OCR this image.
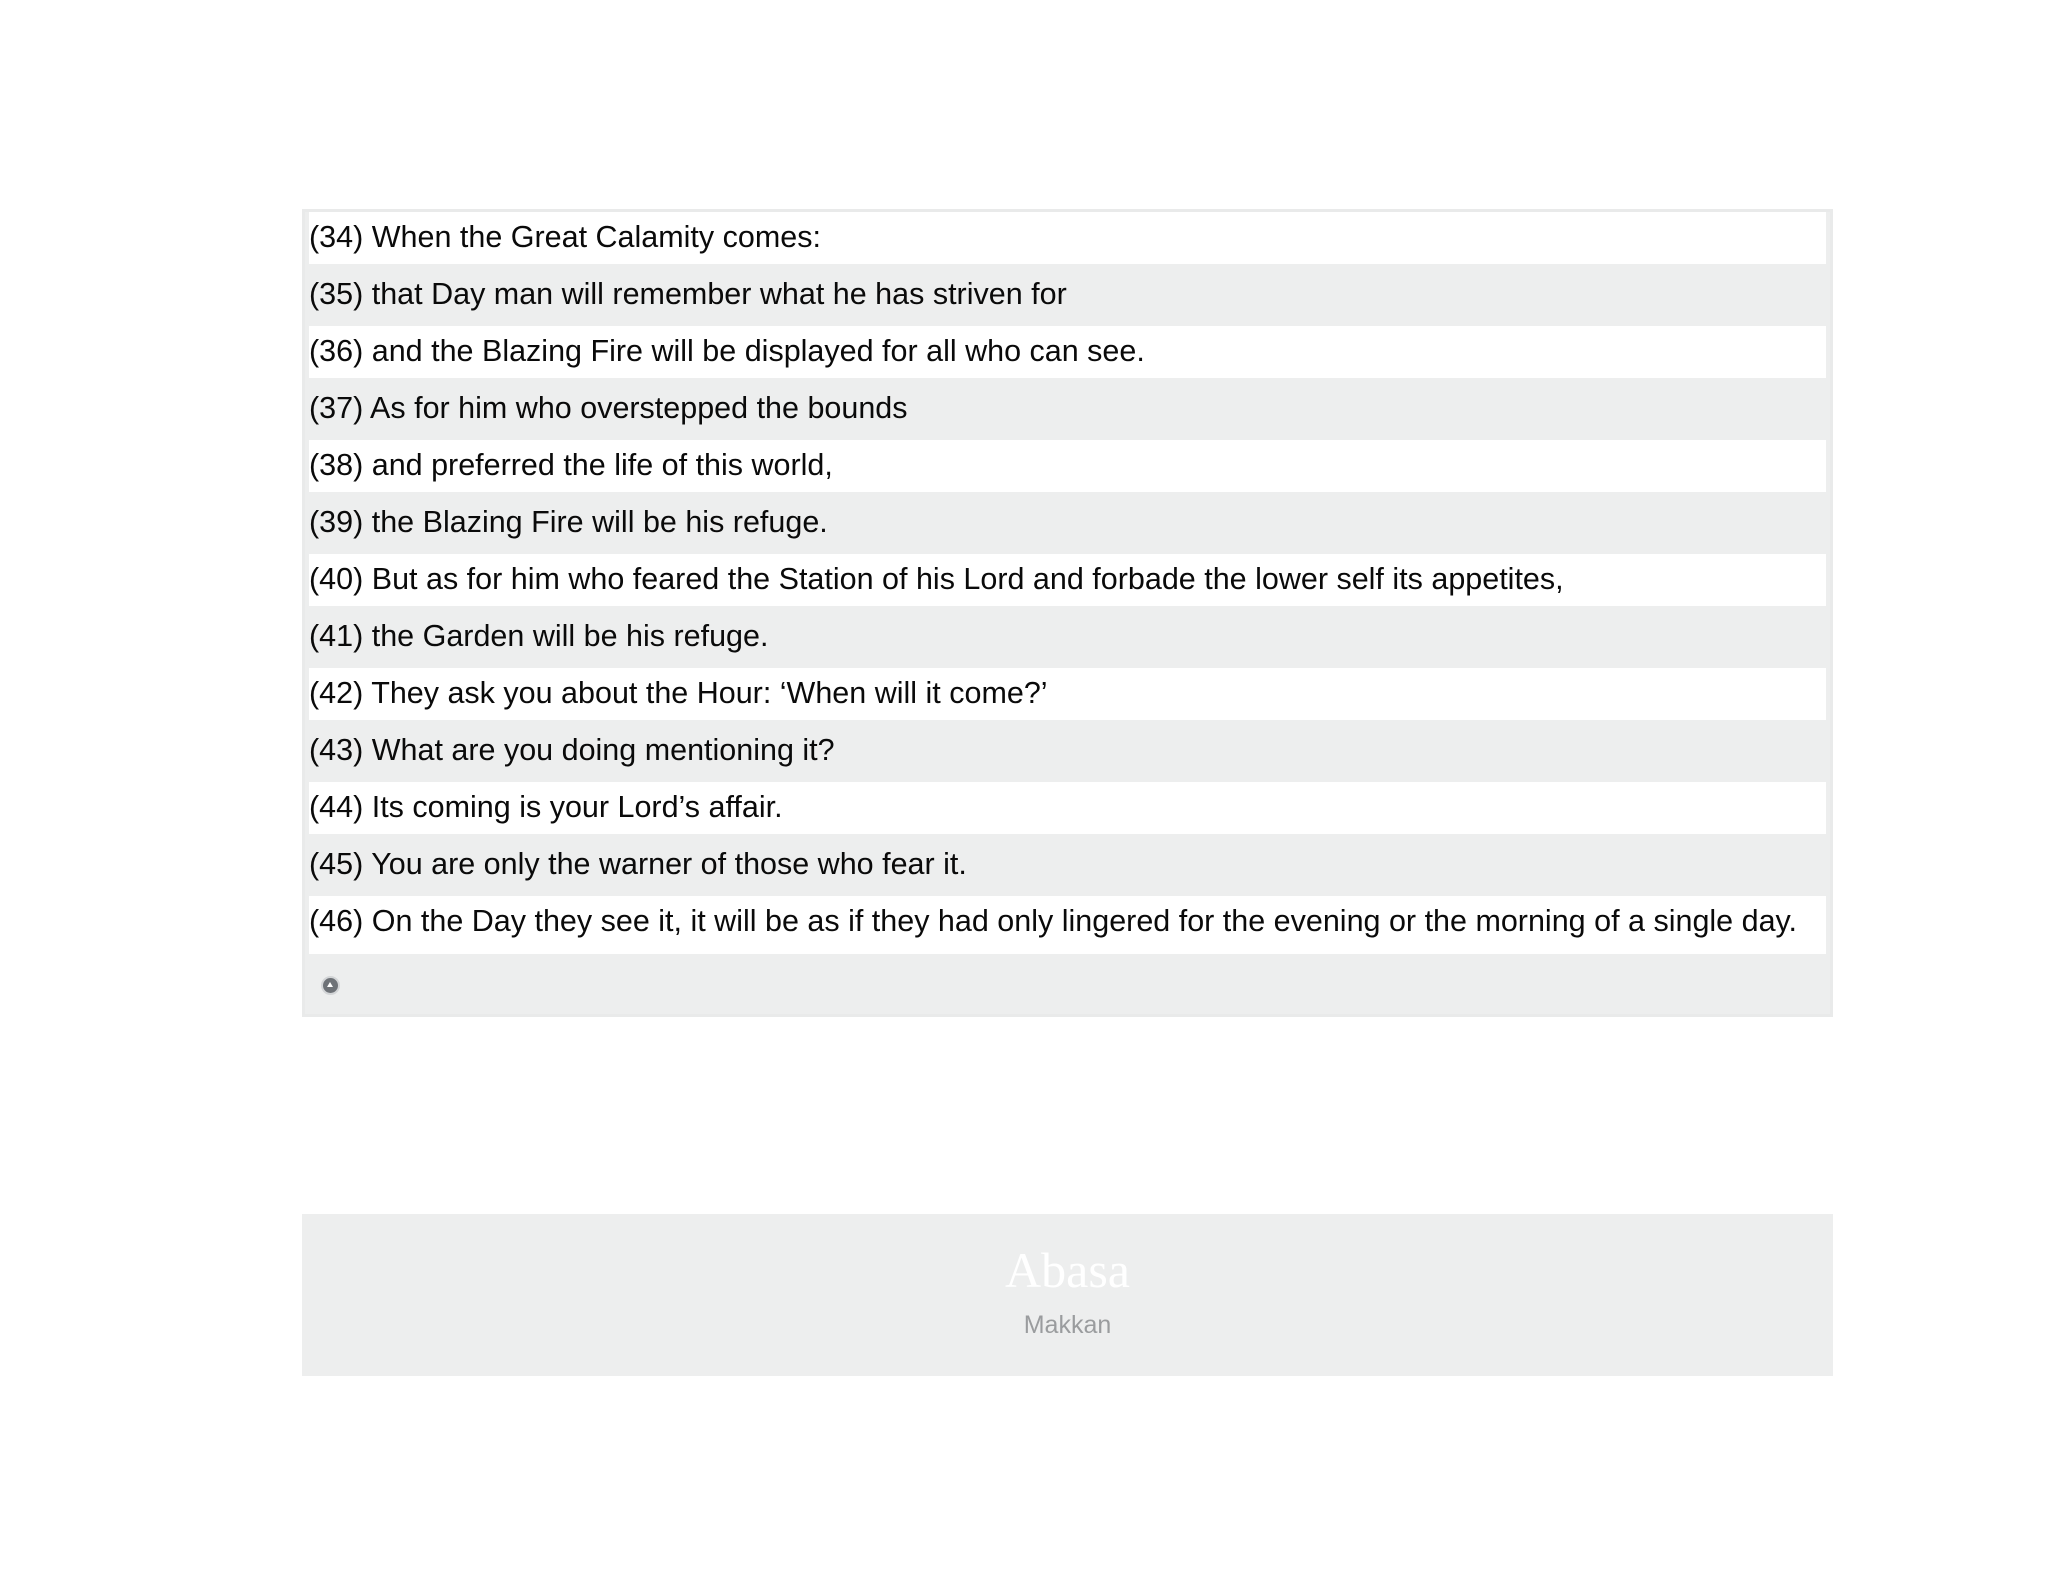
(34) When the Great Calamity comes:
(35) that Day man will remember what he has striven for
(36) and the Blazing Fire will be displayed for all who can see.
(37) As for him who overstepped the bounds
(38) and preferred the life of this world,
(39) the Blazing Fire will be his refuge.
(40) But as for him who feared the Station of his Lord and forbade the lower self its appetites,
(41) the Garden will be his refuge.
(42) They ask you about the Hour: ‘When will it come?’
(43) What are you doing mentioning it?
(44) Its coming is your Lord’s affair.
(45) You are only the warner of those who fear it.
(46) On the Day they see it, it will be as if they had only lingered for the evening or the morning of a single day.
Abasa
Makkan
